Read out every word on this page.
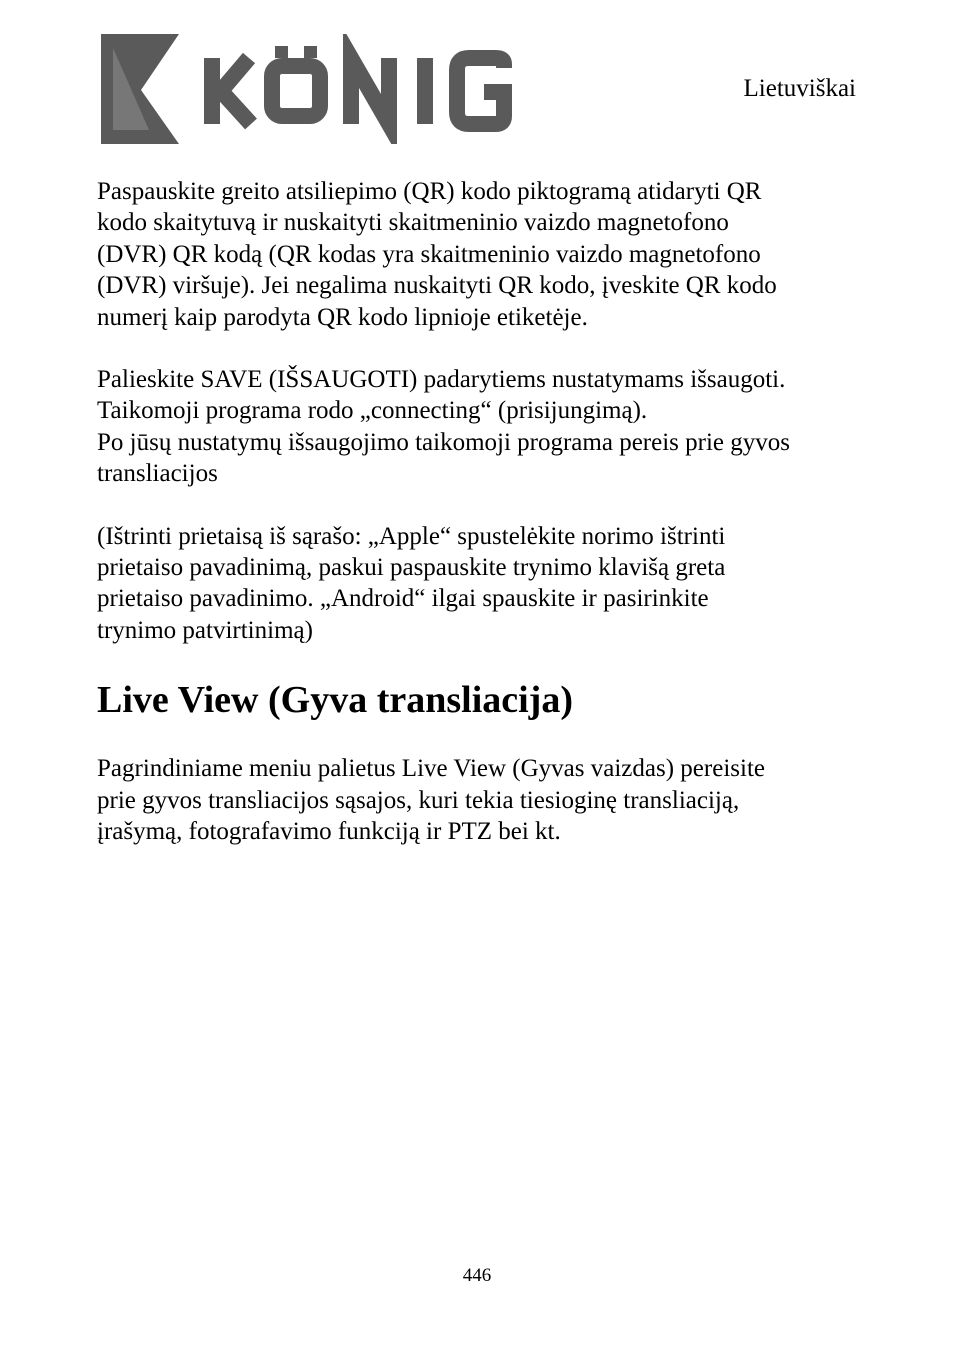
Lietuviškai

Paspauskite greito atsiliepimo (QR) kodo piktogramą atidaryti QR
kodo skaitytuvą ir nuskaityti skaitmeninio vaizdo magnetofono
(DVR) QR kodą (QR kodas yra skaitmeninio vaizdo magnetofono
(DVR) viršuje). Jei negalima nuskaityti QR kodo, įveskite QR kodo
numerį kaip parodyta QR kodo lipnioje etiketėje.

Palieskite SAVE (IŠSAUGOTI) padarytiems nustatymams išsaugoti.
Taikomoji programa rodo „connecting“ (prisijungimą).
Po jūsų nustatymų išsaugojimo taikomoji programa pereis prie gyvos
transliacijos

(Ištrinti prietaisą iš sąrašo: „Apple“ spustelėkite norimo ištrinti
prietaiso pavadinimą, paskui paspauskite trynimo klavišą greta
prietaiso pavadinimo. „Android“ ilgai spauskite ir pasirinkite
trynimo patvirtinimą)

Live View (Gyva transliacija)

Pagrindiniame meniu palietus Live View (Gyvas vaizdas) pereisite
prie gyvos transliacijos sąsajos, kuri tekia tiesioginę transliaciją,
įrašymą, fotografavimo funkciją ir PTZ bei kt.

446
